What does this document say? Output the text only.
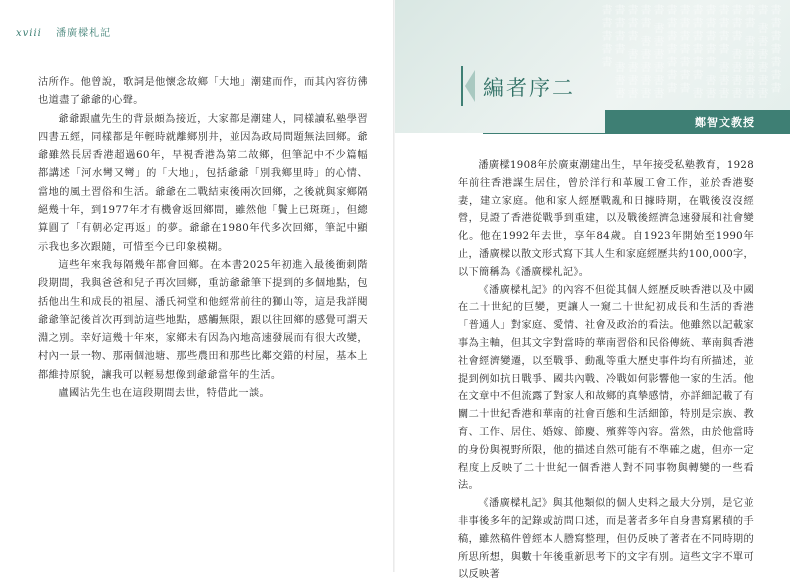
xviii 潘廣樑札記

沽所作。他曾說，歌詞是他懷念故鄉「大地」潮建而作，而其內容彷彿也道盡了爺爺的心聲。

爺爺跟盧先生的背景頗為接近，大家都是潮建人，同樣讀私塾學習四書五經，同樣都是年輕時就離鄉別井，並因為政局問題無法回鄉。爺爺雖然長居香港超過60年，早視香港為第二故鄉，但筆記中不少篇幅都講述「河水彎又彎」的「大地」，包括爺爺「別我鄉里時」的心情、當地的風土習俗和生活。爺爺在二戰結束後兩次回鄉，之後就與家鄉隔絕幾十年，到1977年才有機會返回鄉間，雖然他「鬢上已斑斑」，但總算圓了「有朝必定再返」的夢。爺爺在1980年代多次回鄉，筆記中顯示我也多次跟隨，可惜至今已印象模糊。

這些年來我每隔幾年都會回鄉。在本書2025年初進入最後衝刺階段期間，我與爸爸和兒子再次回鄉，重訪爺爺筆下提到的多個地點，包括他出生和成長的祖屋、潘氏祠堂和他經常前往的獅山等，這是我詳閱爺爺筆記後首次再到訪這些地點，感觸無限，跟以往回鄉的感覺可謂天淵之別。幸好這幾十年來，家鄉未有因為內地高速發展而有很大改變，村內一景一物、那兩個池塘、那些農田和那些比鄰交錯的村屋，基本上都維持原貌，讓我可以輕易想像到爺爺當年的生活。

盧國沾先生也在這段期間去世，特借此一談。

書書書書書書書書 書書書書書書書書 書書書書書書書書 書書書書書書書書 書書書書書書書書 書書書書書書書書 書書書書書書書書 書書書書書書書書 書書書書書書書書 書書書書書書書書 書書書書書書書書 書書書書書書書書
編者序二
鄭智文教授

潘廣樑1908年於廣東潮建出生，早年接受私塾教育，1928年前往香港謀生居住，曾於洋行和革履工會工作，並於香港娶妻，建立家庭。他和家人經歷戰亂和日據時期，在戰後沒沒經營，見證了香港從戰爭到重建，以及戰後經濟急速發展和社會變化。他在1992年去世，享年84歲。自1923年開始至1990年止，潘廣樑以散文形式寫下其人生和家庭經歷共約100,000字，以下簡稱為《潘廣樑札記》。

《潘廣樑札記》的內容不但從其個人經歷反映香港以及中國在二十世紀的巨變，更讓人一窺二十世紀初成長和生活的香港「普通人」對家庭、愛情、社會及政治的看法。他雖然以記載家事為主軸，但其文字對當時的華南習俗和民俗傳統、華南與香港社會經濟變遷，以至戰爭、動亂等重大歷史事件均有所描述，並提到例如抗日戰爭、國共內戰、冷戰如何影響他一家的生活。他在文章中不但流露了對家人和故鄉的真摯感情，亦詳細記載了有關二十世紀香港和華南的社會百態和生活細節，特別是宗族、教育、工作、居住、婚嫁、節慶、殯葬等內容。當然，由於他當時的身份與視野所限，他的描述自然可能有不準確之處，但亦一定程度上反映了二十世紀一個香港人對不同事物與轉變的一些看法。

《潘廣樑札記》與其他類似的個人史料之最大分別，是它並非事後多年的記錄或訪問口述，而是著者多年自身書寫累積的手稿，雖然稿件曾經本人謄寫整理，但仍反映了著者在不同時期的所思所想，與數十年後重新思考下的文字有別。這些文字不單可以反映著
